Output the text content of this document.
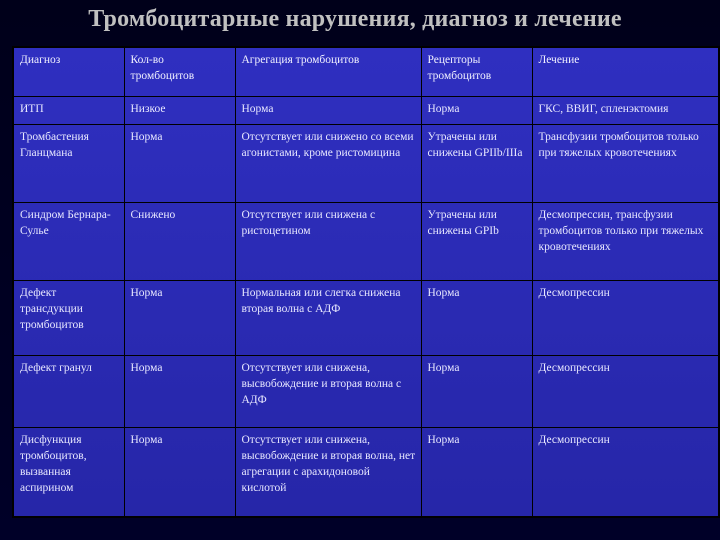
Тромбоцитарные нарушения, диагноз и лечение
Диагноз	Кол-во тромбоцитов	Агрегация тромбоцитов	Рецепторы тромбоцитов	Лечение
ИТП	Низкое	Норма	Норма	ГКС, ВВИГ, спленэктомия
Тромбастения Гланцмана	Норма	Отсутствует или снижено со всеми агонистами, кроме ристомицина	Утрачены или снижены GPIIb/IIIa	Трансфузии тромбоцитов только при тяжелых кровотечениях
Синдром Бернара-Сулье	Снижено	Отсутствует или снижена с ристоцетином	Утрачены или снижены GPIb	Десмопрессин, трансфузии тромбоцитов только при тяжелых кровотечениях
Дефект трансдукции тромбоцитов	Норма	Нормальная или слегка снижена вторая волна с АДФ	Норма	Десмопрессин
Дефект гранул	Норма	Отсутствует или снижена, высвобождение и вторая волна с АДФ	Норма	Десмопрессин
Дисфункция тромбоцитов, вызванная аспирином	Норма	Отсутствует или снижена, высвобождение и вторая волна, нет агрегации с арахидоновой кислотой	Норма	Десмопрессин
